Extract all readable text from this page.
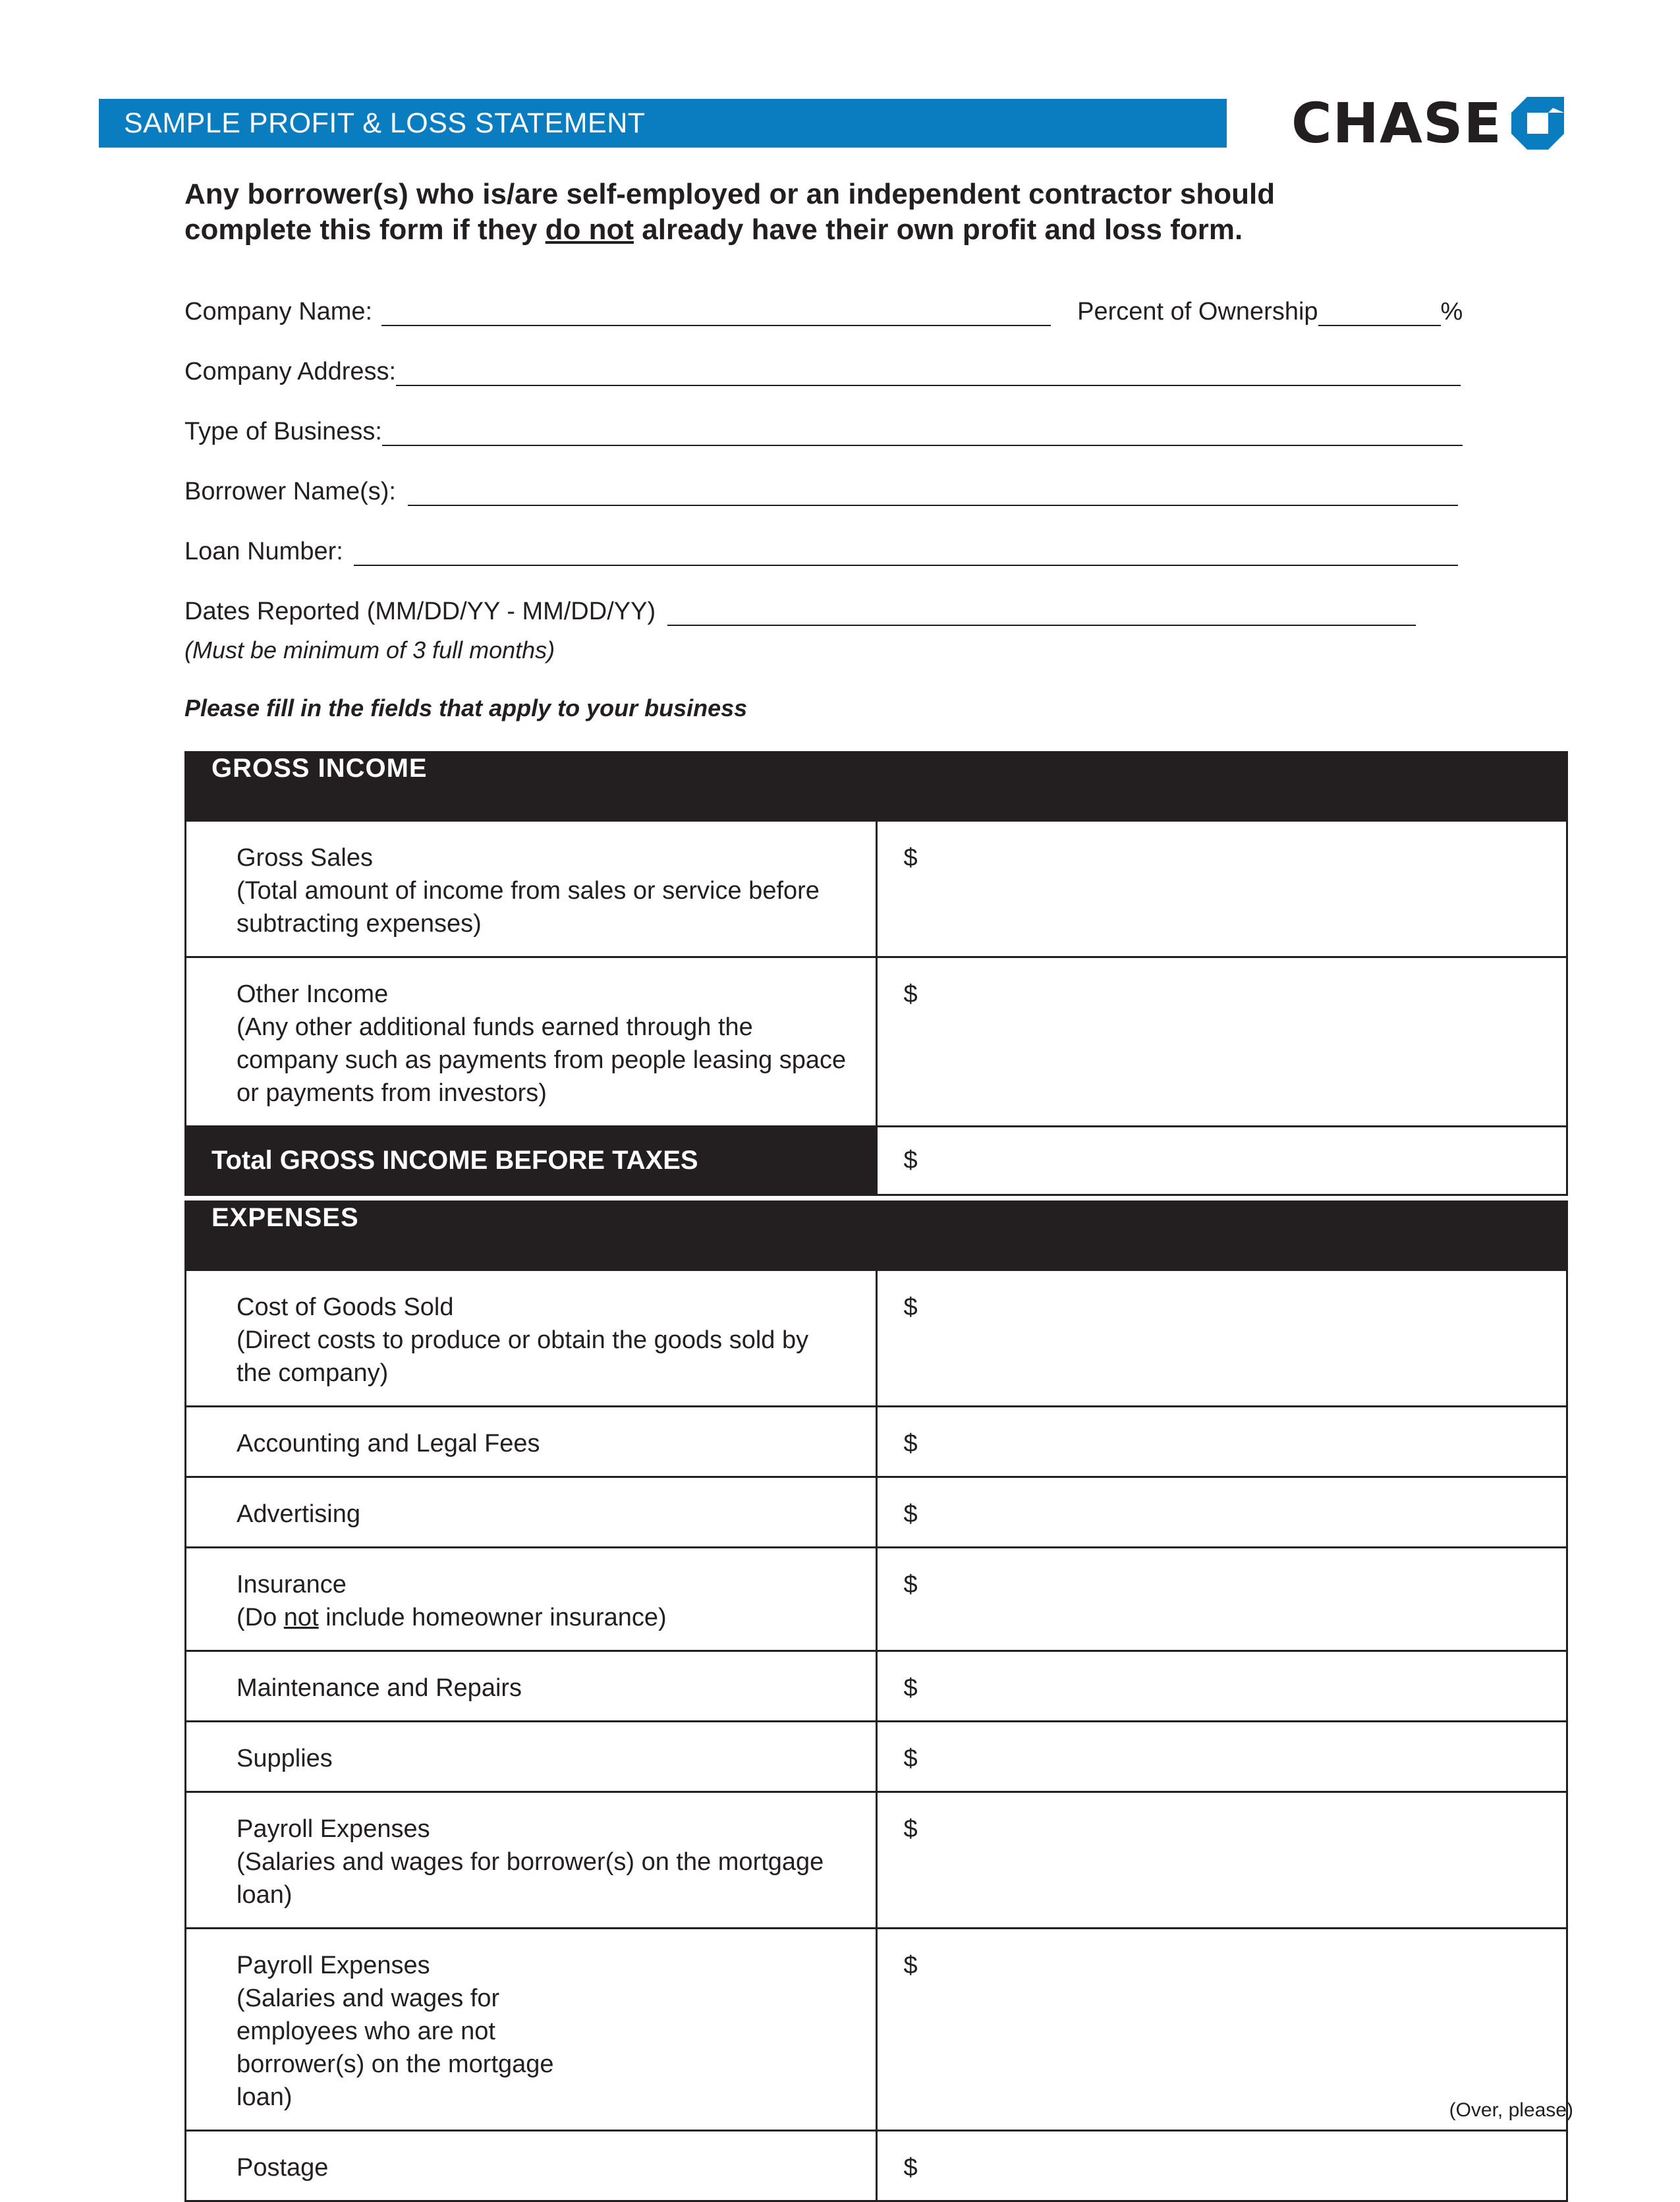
SAMPLE PROFIT & LOSS STATEMENT	CHASE
Any borrower(s) who is/are self-employed or an independent contractor should
complete this form if they do not already have their own profit and loss form.
Company Name:	Percent of Ownership	%
Company Address:
Type of Business:
Borrower Name(s):
Loan Number:
Dates Reported (MM/DD/YY - MM/DD/YY)
(Must be minimum of 3 full months)
Please fill in the fields that apply to your business
GROSS INCOME	

Gross Sales
(Total amount of income from sales or service before subtracting expenses)	$

Other Income
(Any other additional funds earned through the company such as payments from people leasing space or payments from investors)	$
Total GROSS INCOME BEFORE TAXES	$
EXPENSES	

Cost of Goods Sold
(Direct costs to produce or obtain the goods sold by the company)	$

Accounting and Legal Fees	$

Advertising	$

Insurance
(Do not include homeowner insurance)	$

Maintenance and Repairs	$

Supplies	$

Payroll Expenses
(Salaries and wages for borrower(s) on the mortgage loan)	$

Payroll Expenses
(Salaries and wages for employees who are not borrower(s) on the mortgage loan)	$

Postage	$
(Over, please)
